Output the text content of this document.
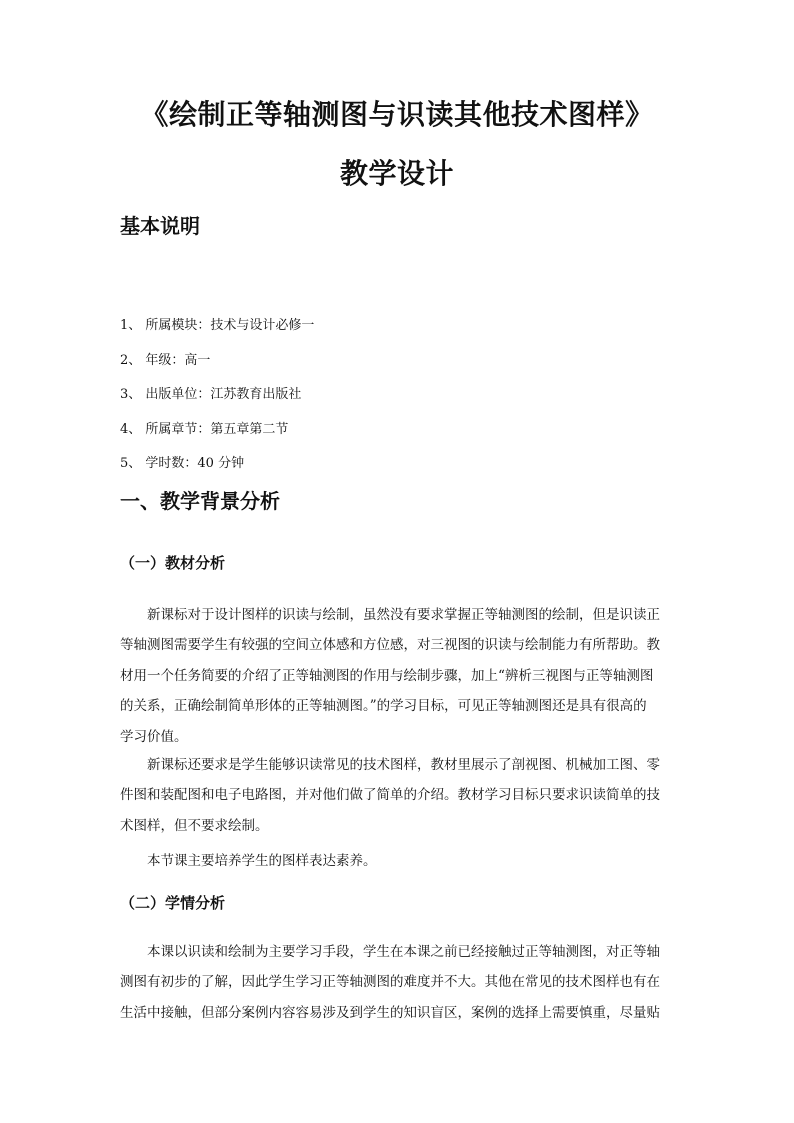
《绘制正等轴测图与识读其他技术图样》
教学设计
基本说明
1、 所属模块：技术与设计必修一
2、 年级：高一
3、 出版单位：江苏教育出版社
4、 所属章节：第五章第二节
5、 学时数：40 分钟
一、教学背景分析
（一）教材分析
新课标对于设计图样的识读与绘制，虽然没有要求掌握正等轴测图的绘制，但是识读正
等轴测图需要学生有较强的空间立体感和方位感，对三视图的识读与绘制能力有所帮助。教
材用一个任务简要的介绍了正等轴测图的作用与绘制步骤，加上“辨析三视图与正等轴测图
的关系，正确绘制简单形体的正等轴测图。”的学习目标，可见正等轴测图还是具有很高的
学习价值。
新课标还要求是学生能够识读常见的技术图样，教材里展示了剖视图、机械加工图、零
件图和装配图和电子电路图，并对他们做了简单的介绍。教材学习目标只要求识读简单的技
术图样，但不要求绘制。
本节课主要培养学生的图样表达素养。
（二）学情分析
本课以识读和绘制为主要学习手段，学生在本课之前已经接触过正等轴测图，对正等轴
测图有初步的了解，因此学生学习正等轴测图的难度并不大。其他在常见的技术图样也有在
生活中接触，但部分案例内容容易涉及到学生的知识盲区，案例的选择上需要慎重，尽量贴
